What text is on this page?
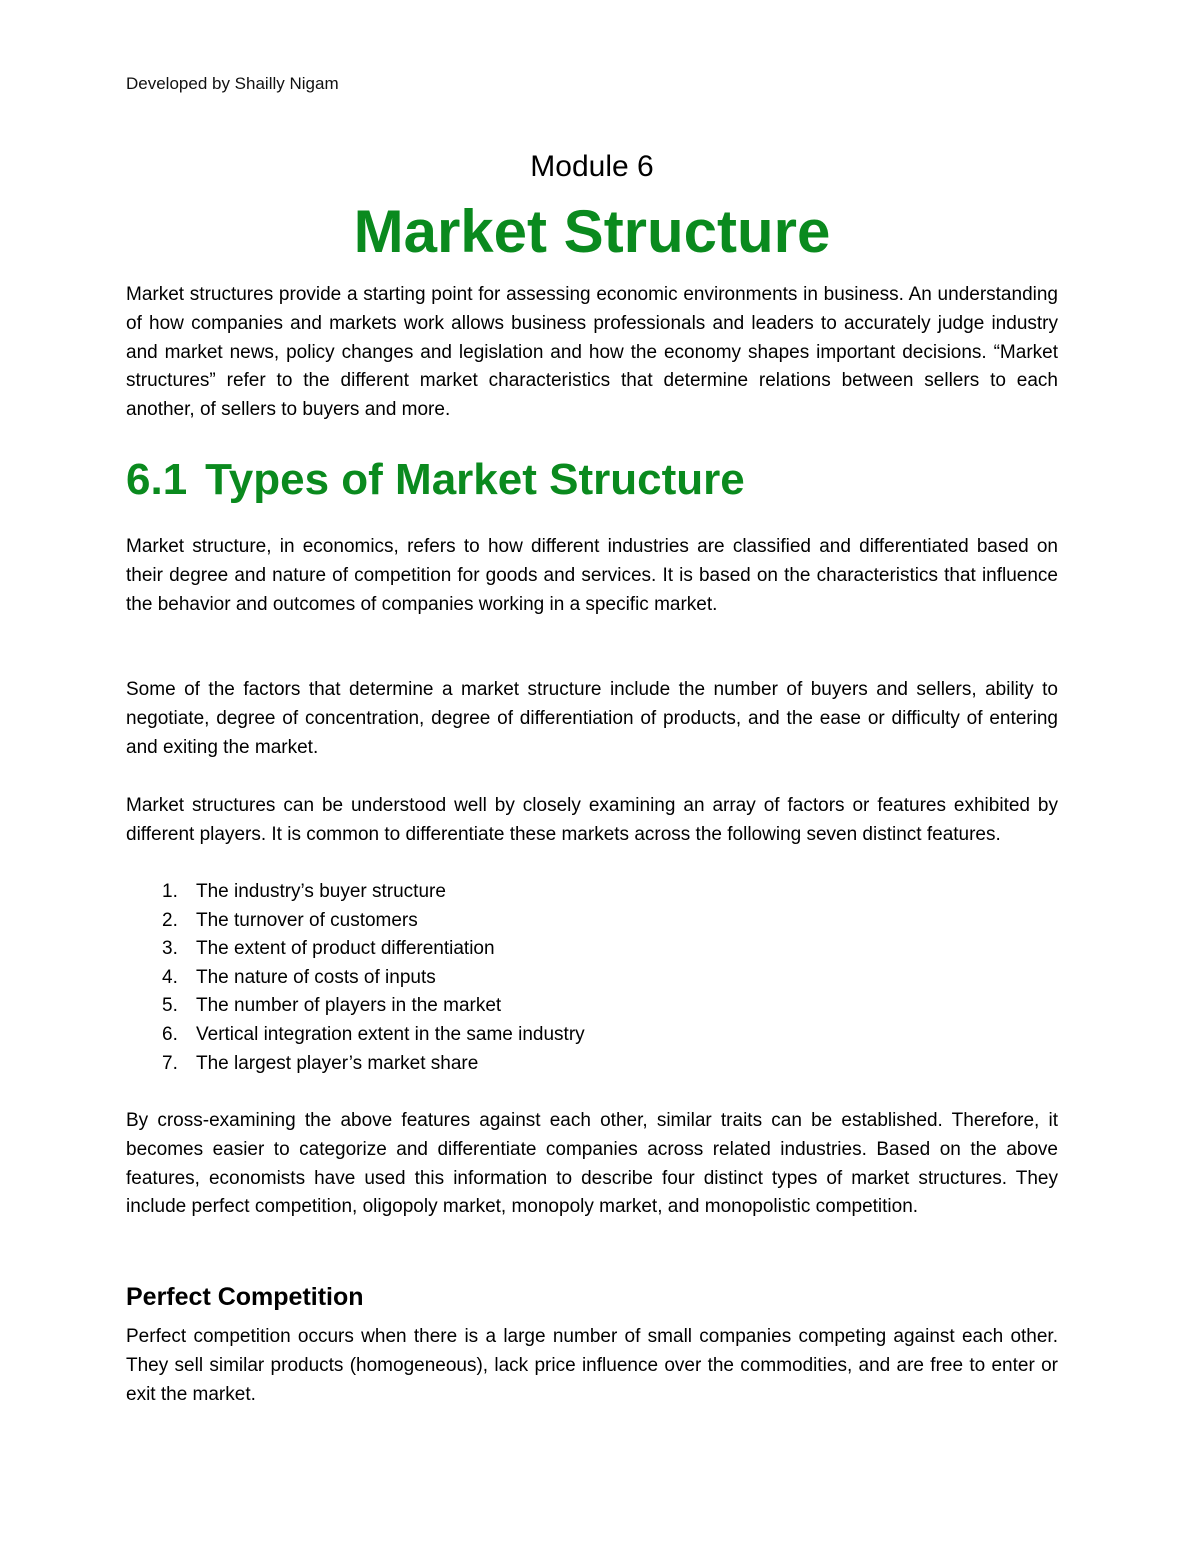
Developed by Shailly Nigam
Module 6
Market Structure

Market structures provide a starting point for assessing economic environments in business. An understanding of how companies and markets work allows business professionals and leaders to accurately judge industry and market news, policy changes and legislation and how the economy shapes important decisions. “Market structures” refer to the different market characteristics that determine relations between sellers to each another, of sellers to buyers and more.

6.1 Types of Market Structure

Market structure, in economics, refers to how different industries are classified and differentiated based on their degree and nature of competition for goods and services. It is based on the characteristics that influence the behavior and outcomes of companies working in a specific market.

Some of the factors that determine a market structure include the number of buyers and sellers, ability to negotiate, degree of concentration, degree of differentiation of products, and the ease or difficulty of entering and exiting the market.

Market structures can be understood well by closely examining an array of factors or features exhibited by different players. It is common to differentiate these markets across the following seven distinct features.

1. The industry’s buyer structure
2. The turnover of customers
3. The extent of product differentiation
4. The nature of costs of inputs
5. The number of players in the market
6. Vertical integration extent in the same industry
7. The largest player’s market share

By cross-examining the above features against each other, similar traits can be established. Therefore, it becomes easier to categorize and differentiate companies across related industries. Based on the above features, economists have used this information to describe four distinct types of market structures. They include perfect competition, oligopoly market, monopoly market, and monopolistic competition.

Perfect Competition

Perfect competition occurs when there is a large number of small companies competing against each other. They sell similar products (homogeneous), lack price influence over the commodities, and are free to enter or exit the market.
